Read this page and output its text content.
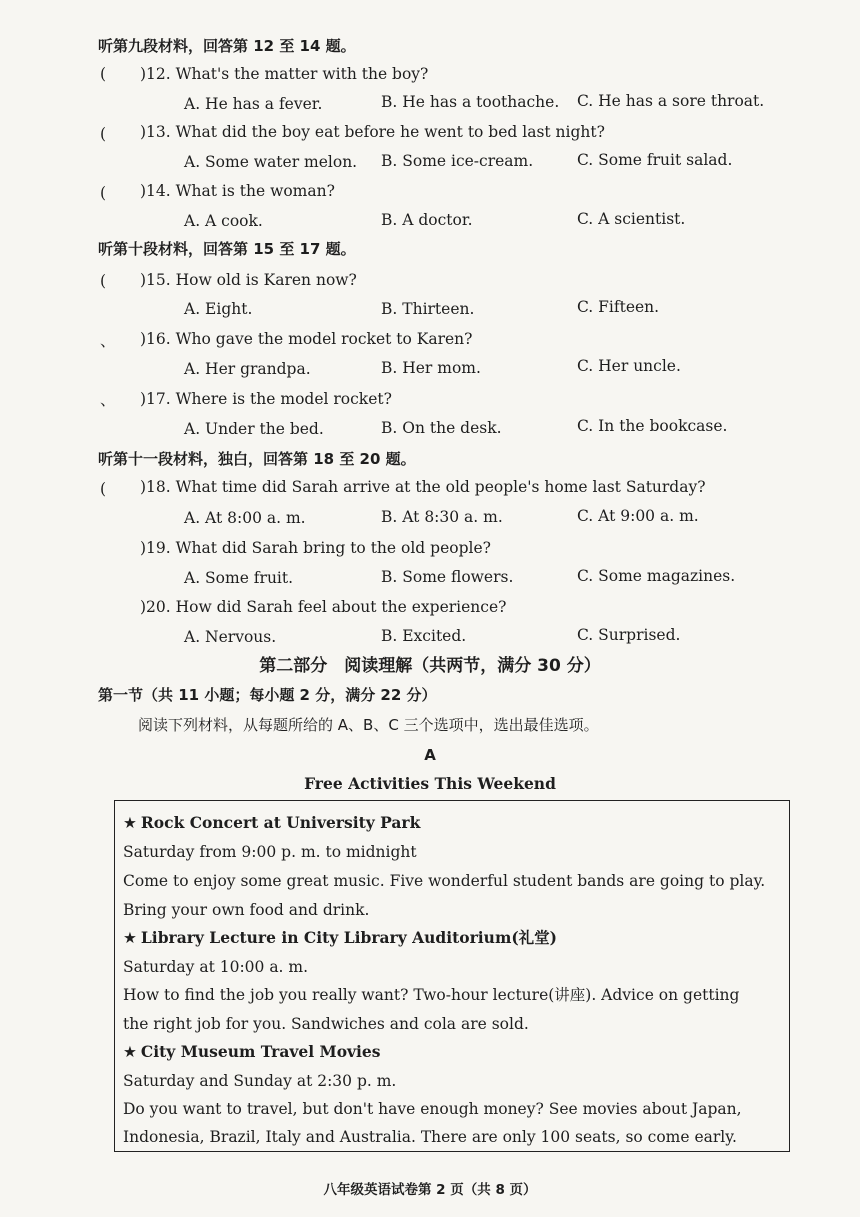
听第九段材料，回答第 12 至 14 题。
( )12. What's the matter with the boy?
A. He has a fever.	B. He has a toothache. C. He has a sore throat.
( )13. What did the boy eat before he went to bed last night?
A. Some water melon. B. Some ice-cream.	C. Some fruit salad.
( )14. What is the woman?
A. A cook.	B. A doctor.	C. A scientist.
听第十段材料，回答第 15 至 17 题。
( )15. How old is Karen now?
A. Eight.	B. Thirteen.	C. Fifteen.
、 )16. Who gave the model rocket to Karen?
A. Her grandpa.	B. Her mom.	C. Her uncle.
、 )17. Where is the model rocket?
A. Under the bed.	B. On the desk.	C. In the bookcase.
听第十一段材料，独白，回答第 18 至 20 题。
( )18. What time did Sarah arrive at the old people's home last Saturday?
A. At 8:00 a. m.	B. At 8:30 a. m.	C. At 9:00 a. m.
)19. What did Sarah bring to the old people?
A. Some fruit.	B. Some flowers.	C. Some magazines.
)20. How did Sarah feel about the experience?
A. Nervous.	B. Excited.	C. Surprised.
第二部分　阅读理解（共两节，满分 30 分）
第一节（共 11 小题；每小题 2 分，满分 22 分）
阅读下列材料，从每题所给的 A、B、C 三个选项中，选出最佳选项。
A
Free Activities This Weekend
★ Rock Concert at University Park
Saturday from 9:00 p. m. to midnight
Come to enjoy some great music. Five wonderful student bands are going to play.
Bring your own food and drink.
★ Library Lecture in City Library Auditorium(礼堂)
Saturday at 10:00 a. m.
How to find the job you really want? Two-hour lecture(讲座). Advice on getting
the right job for you. Sandwiches and cola are sold.
★ City Museum Travel Movies
Saturday and Sunday at 2:30 p. m.
Do you want to travel, but don't have enough money? See movies about Japan,
Indonesia, Brazil, Italy and Australia. There are only 100 seats, so come early.
八年级英语试卷第 2 页（共 8 页）
